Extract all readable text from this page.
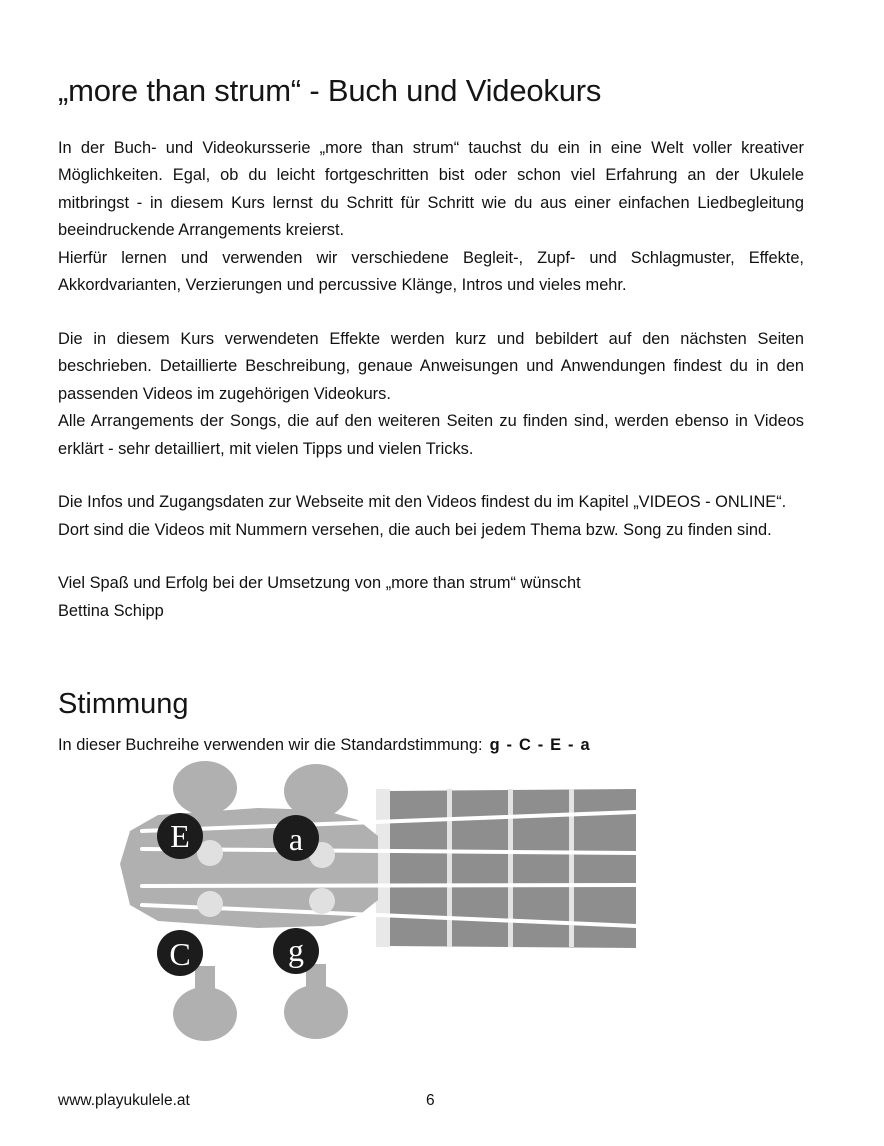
„more than strum“ - Buch und Videokurs

In der Buch- und Videokursserie „more than strum“ tauchst du ein in eine Welt voller kreativer Möglichkeiten. Egal, ob du leicht fortgeschritten bist oder schon viel Erfahrung an der Ukulele mitbringst - in diesem Kurs lernst du Schritt für Schritt wie du aus einer einfachen Liedbegleitung beeindruckende Arrangements kreierst.

Hierfür lernen und verwenden wir verschiedene Begleit-, Zupf- und Schlagmuster, Effekte, Akkordvarianten, Verzierungen und percussive Klänge, Intros und vieles mehr.

Die in diesem Kurs verwendeten Effekte werden kurz und bebildert auf den nächsten Seiten beschrieben. Detaillierte Beschreibung, genaue Anweisungen und Anwendungen findest du in den passenden Videos im zugehörigen Videokurs.

Alle Arrangements der Songs, die auf den weiteren Seiten zu finden sind, werden ebenso in Videos erklärt - sehr detailliert, mit vielen Tipps und vielen Tricks.

Die Infos und Zugangsdaten zur Webseite mit den Videos findest du im Kapitel „VIDEOS - ONLINE“.

Dort sind die Videos mit Nummern versehen, die auch bei jedem Thema bzw. Song zu finden sind.

Viel Spaß und Erfolg bei der Umsetzung von „more than strum“ wünscht

Bettina Schipp

Stimmung

In dieser Buchreihe verwenden wir die Standardstimmung: g - C - E - a

E	a
C	g
www.playukulele.at	6
